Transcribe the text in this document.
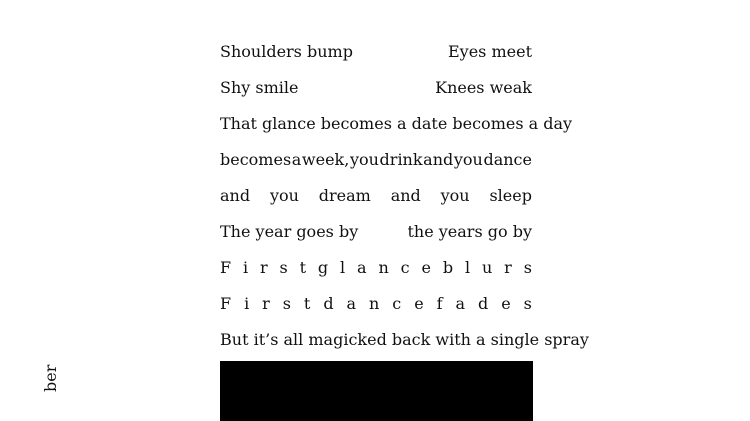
Shoulders bump	Eyes meet
Shy smile	Knees weak
That glance becomes a date becomes a day
becomes a week, you drink and you dance
and you dream and you sleep
The year goes by	the years go by
F i r s t g l a n c e b l u r s
F i r s t d a n c e f a d e s
But it’s all magicked back with a single spray
ber
